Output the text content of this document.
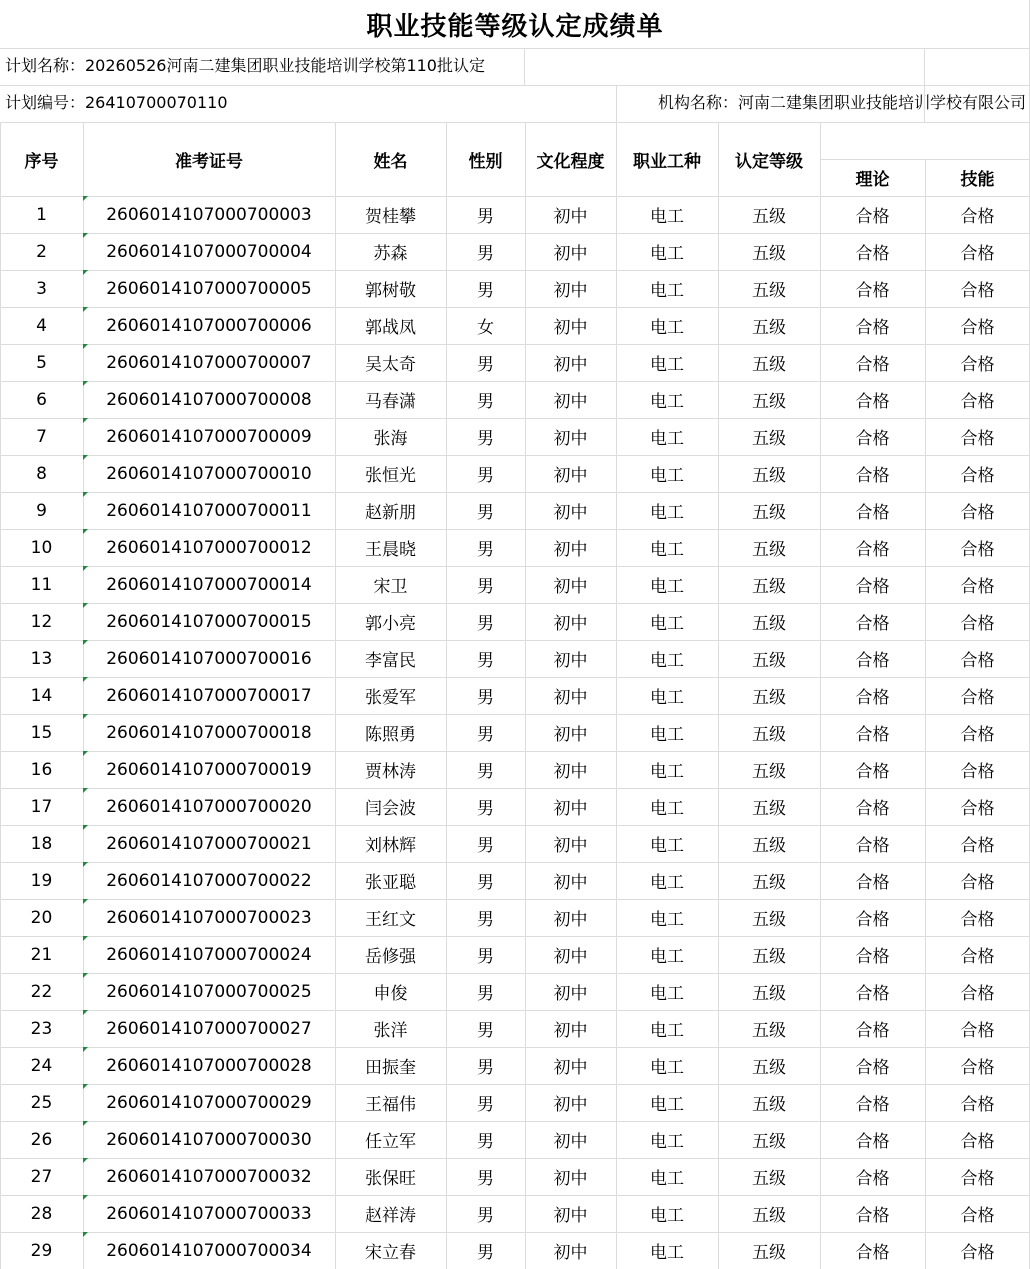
职业技能等级认定成绩单
计划名称：20260526河南二建集团职业技能培训学校第110批认定
计划编号：26410700070110	机构名称：河南二建集团职业技能培训学校有限公司
序号	准考证号	姓名	性别	文化程度	职业工种	认定等级
理论	技能
1	2606014107000700003	贺桂攀	男	初中	电工	五级	合格	合格
2	2606014107000700004	苏森	男	初中	电工	五级	合格	合格
3	2606014107000700005	郭树敬	男	初中	电工	五级	合格	合格
4	2606014107000700006	郭战凤	女	初中	电工	五级	合格	合格
5	2606014107000700007	吴太奇	男	初中	电工	五级	合格	合格
6	2606014107000700008	马春潇	男	初中	电工	五级	合格	合格
7	2606014107000700009	张海	男	初中	电工	五级	合格	合格
8	2606014107000700010	张恒光	男	初中	电工	五级	合格	合格
9	2606014107000700011	赵新朋	男	初中	电工	五级	合格	合格
10	2606014107000700012	王晨晓	男	初中	电工	五级	合格	合格
11	2606014107000700014	宋卫	男	初中	电工	五级	合格	合格
12	2606014107000700015	郭小亮	男	初中	电工	五级	合格	合格
13	2606014107000700016	李富民	男	初中	电工	五级	合格	合格
14	2606014107000700017	张爱军	男	初中	电工	五级	合格	合格
15	2606014107000700018	陈照勇	男	初中	电工	五级	合格	合格
16	2606014107000700019	贾林涛	男	初中	电工	五级	合格	合格
17	2606014107000700020	闫会波	男	初中	电工	五级	合格	合格
18	2606014107000700021	刘林辉	男	初中	电工	五级	合格	合格
19	2606014107000700022	张亚聪	男	初中	电工	五级	合格	合格
20	2606014107000700023	王红文	男	初中	电工	五级	合格	合格
21	2606014107000700024	岳修强	男	初中	电工	五级	合格	合格
22	2606014107000700025	申俊	男	初中	电工	五级	合格	合格
23	2606014107000700027	张洋	男	初中	电工	五级	合格	合格
24	2606014107000700028	田振奎	男	初中	电工	五级	合格	合格
25	2606014107000700029	王福伟	男	初中	电工	五级	合格	合格
26	2606014107000700030	任立军	男	初中	电工	五级	合格	合格
27	2606014107000700032	张保旺	男	初中	电工	五级	合格	合格
28	2606014107000700033	赵祥涛	男	初中	电工	五级	合格	合格
29	2606014107000700034	宋立春	男	初中	电工	五级	合格	合格
